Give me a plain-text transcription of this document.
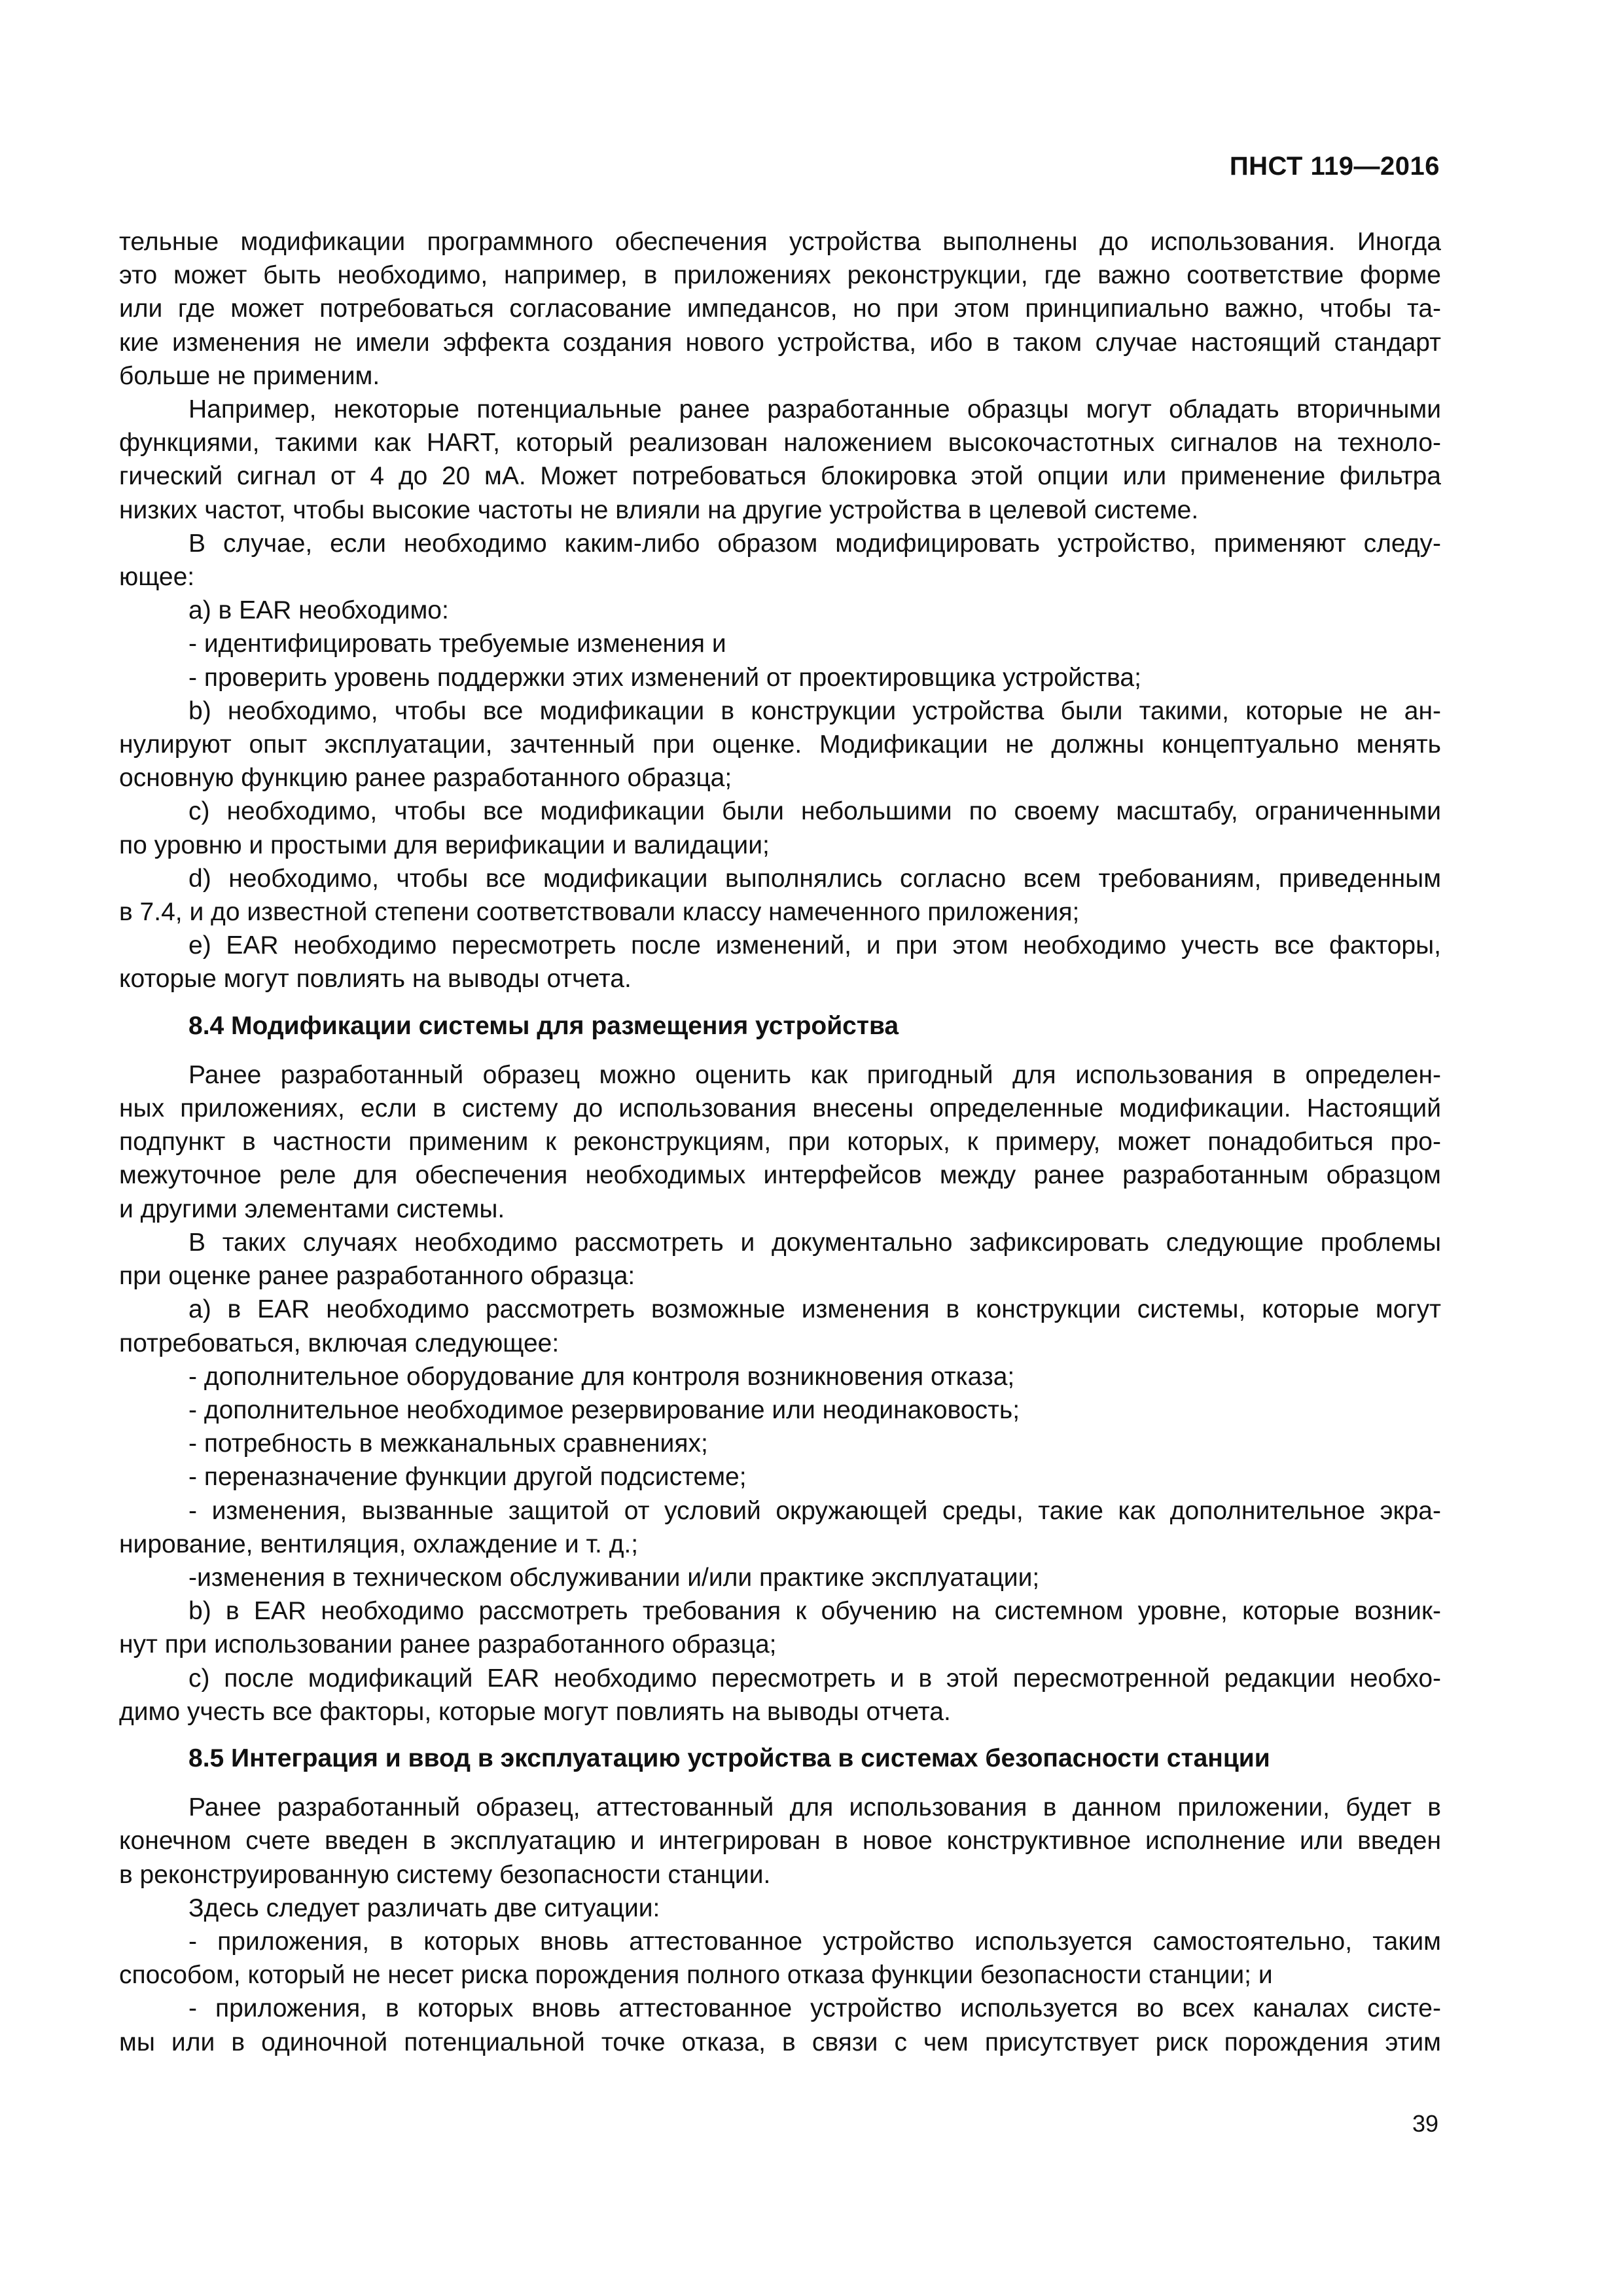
ПНСТ 119—2016
тельные модификации программного обеспечения устройства выполнены до использования. Иногда
это может быть необходимо, например, в приложениях реконструкции, где важно соответствие форме
или где может потребоваться согласование импедансов, но при этом принципиально важно, чтобы та-
кие изменения не имели эффекта создания нового устройства, ибо в таком случае настоящий стандарт
больше не применим.
Например, некоторые потенциальные ранее разработанные образцы могут обладать вторичными
функциями, такими как HART, который реализован наложением высокочастотных сигналов на техноло-
гический сигнал от 4 до 20 мА. Может потребоваться блокировка этой опции или применение фильтра
низких частот, чтобы высокие частоты не влияли на другие устройства в целевой системе.
В случае, если необходимо каким-либо образом модифицировать устройство, применяют следу-
ющее:
a) в EAR необходимо:
- идентифицировать требуемые изменения и
- проверить уровень поддержки этих изменений от проектировщика устройства;
b) необходимо, чтобы все модификации в конструкции устройства были такими, которые не ан-
нулируют опыт эксплуатации, зачтенный при оценке. Модификации не должны концептуально менять
основную функцию ранее разработанного образца;
c) необходимо, чтобы все модификации были небольшими по своему масштабу, ограниченными
по уровню и простыми для верификации и валидации;
d) необходимо, чтобы все модификации выполнялись согласно всем требованиям, приведенным
в 7.4, и до известной степени соответствовали классу намеченного приложения;
e) EAR необходимо пересмотреть после изменений, и при этом необходимо учесть все факторы,
которые могут повлиять на выводы отчета.
8.4 Модификации системы для размещения устройства
Ранее разработанный образец можно оценить как пригодный для использования в определен-
ных приложениях, если в систему до использования внесены определенные модификации. Настоящий
подпункт в частности применим к реконструкциям, при которых, к примеру, может понадобиться про-
межуточное реле для обеспечения необходимых интерфейсов между ранее разработанным образцом
и другими элементами системы.
В таких случаях необходимо рассмотреть и документально зафиксировать следующие проблемы
при оценке ранее разработанного образца:
a) в EAR необходимо рассмотреть возможные изменения в конструкции системы, которые могут
потребоваться, включая следующее:
- дополнительное оборудование для контроля возникновения отказа;
- дополнительное необходимое резервирование или неодинаковость;
- потребность в межканальных сравнениях;
- переназначение функции другой подсистеме;
- изменения, вызванные защитой от условий окружающей среды, такие как дополнительное экра-
нирование, вентиляция, охлаждение и т. д.;
-изменения в техническом обслуживании и/или практике эксплуатации;
b) в EAR необходимо рассмотреть требования к обучению на системном уровне, которые возник-
нут при использовании ранее разработанного образца;
c) после модификаций EAR необходимо пересмотреть и в этой пересмотренной редакции необхо-
димо учесть все факторы, которые могут повлиять на выводы отчета.
8.5 Интеграция и ввод в эксплуатацию устройства в системах безопасности станции
Ранее разработанный образец, аттестованный для использования в данном приложении, будет в
конечном счете введен в эксплуатацию и интегрирован в новое конструктивное исполнение или введен
в реконструированную систему безопасности станции.
Здесь следует различать две ситуации:
- приложения, в которых вновь аттестованное устройство используется самостоятельно, таким
способом, который не несет риска порождения полного отказа функции безопасности станции; и
- приложения, в которых вновь аттестованное устройство используется во всех каналах систе-
мы или в одиночной потенциальной точке отказа, в связи с чем присутствует риск порождения этим
39
